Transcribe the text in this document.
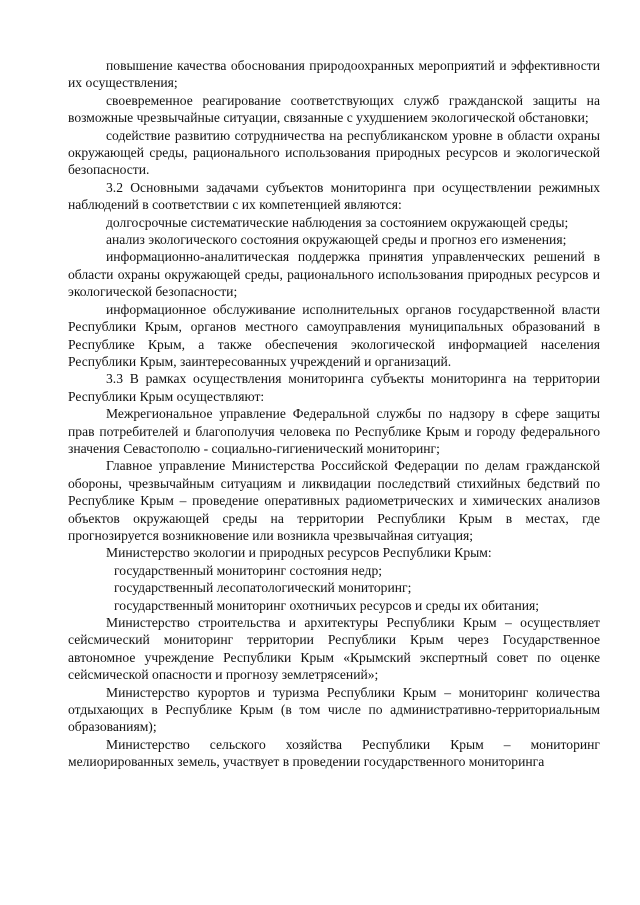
повышение качества обоснования природоохранных мероприятий и эффективности их осуществления;

своевременное реагирование соответствующих служб гражданской защиты на возможные чрезвычайные ситуации, связанные с ухудшением экологической обстановки;

содействие развитию сотрудничества на республиканском уровне в области охраны окружающей среды, рационального использования природных ресурсов и экологической безопасности.

3.2 Основными задачами субъектов мониторинга при осуществлении режимных наблюдений в соответствии с их компетенцией являются:

долгосрочные систематические наблюдения за состоянием окружающей среды;

анализ экологического состояния окружающей среды и прогноз его изменения;

информационно-аналитическая поддержка принятия управленческих решений в области охраны окружающей среды, рационального использования природных ресурсов и экологической безопасности;

информационное обслуживание исполнительных органов государственной власти Республики Крым, органов местного самоуправления муниципальных образований в Республике Крым, а также обеспечения экологической информацией населения Республики Крым, заинтересованных учреждений и организаций.

3.3 В рамках осуществления мониторинга субъекты мониторинга на территории Республики Крым осуществляют:

Межрегиональное управление Федеральной службы по надзору в сфере защиты прав потребителей и благополучия человека по Республике Крым и городу федерального значения Севастополю - социально-гигиенический мониторинг;

Главное управление Министерства Российской Федерации по делам гражданской обороны, чрезвычайным ситуациям и ликвидации последствий стихийных бедствий по Республике Крым – проведение оперативных радиометрических и химических анализов объектов окружающей среды на территории Республики Крым в местах, где прогнозируется возникновение или возникла чрезвычайная ситуация;

Министерство экологии и природных ресурсов Республики Крым:

государственный мониторинг состояния недр;

государственный лесопатологический мониторинг;

государственный мониторинг охотничьих ресурсов и среды их обитания;

Министерство строительства и архитектуры Республики Крым – осуществляет сейсмический мониторинг территории Республики Крым через Государственное автономное учреждение Республики Крым «Крымский экспертный совет по оценке сейсмической опасности и прогнозу землетрясений»;

Министерство курортов и туризма Республики Крым – мониторинг количества отдыхающих в Республике Крым (в том числе по административно-территориальным образованиям);

Министерство сельского хозяйства Республики Крым – мониторинг мелиорированных земель, участвует в проведении государственного мониторинга
